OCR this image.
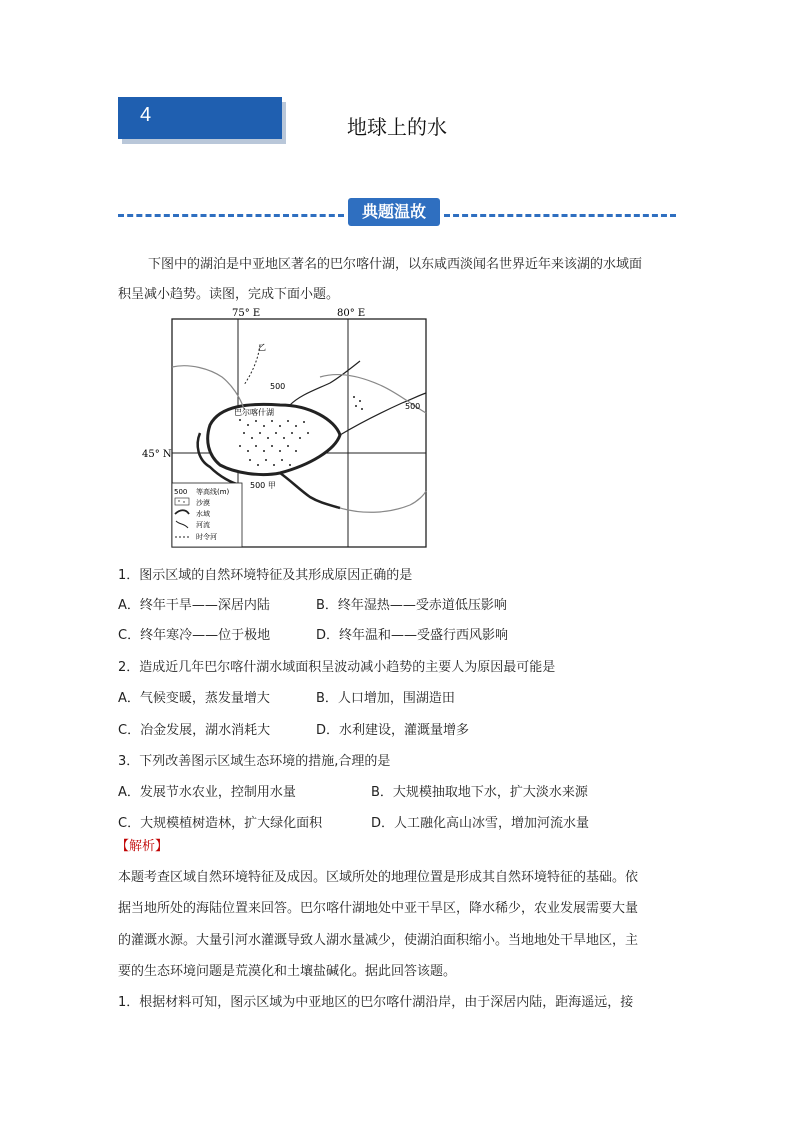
4	地球上的水
典题温故
下图中的湖泊是中亚地区著名的巴尔喀什湖，以东咸西淡闻名世界近年来该湖的水域面
积呈减小趋势。读图，完成下面小题。
75° E	80° E
45° N
乙
500
500
巴尔喀什湖
500 甲
500 等高线(m)
沙漠
水域
河流
时令河
1．图示区域的自然环境特征及其形成原因正确的是
A．终年干旱——深居内陆	B．终年湿热——受赤道低压影响
C．终年寒冷——位于极地	D．终年温和——受盛行西风影响
2．造成近几年巴尔喀什湖水域面积呈波动减小趋势的主要人为原因最可能是
A．气候变暖，蒸发量增大	B．人口增加，围湖造田
C．冶金发展，湖水消耗大	D．水利建设，灌溉量增多
3．下列改善图示区域生态环境的措施,合理的是
A．发展节水农业，控制用水量	B．大规模抽取地下水，扩大淡水来源
C．大规模植树造林，扩大绿化面积	D．人工融化高山冰雪，增加河流水量
【解析】
本题考查区域自然环境特征及成因。区域所处的地理位置是形成其自然环境特征的基础。依
据当地所处的海陆位置来回答。巴尔喀什湖地处中亚干旱区，降水稀少，农业发展需要大量
的灌溉水源。大量引河水灌溉导致人湖水量减少，使湖泊面积缩小。当地地处干旱地区，主
要的生态环境问题是荒漠化和土壤盐碱化。据此回答该题。
1．根据材料可知，图示区域为中亚地区的巴尔喀什湖沿岸，由于深居内陆，距海遥远，接
